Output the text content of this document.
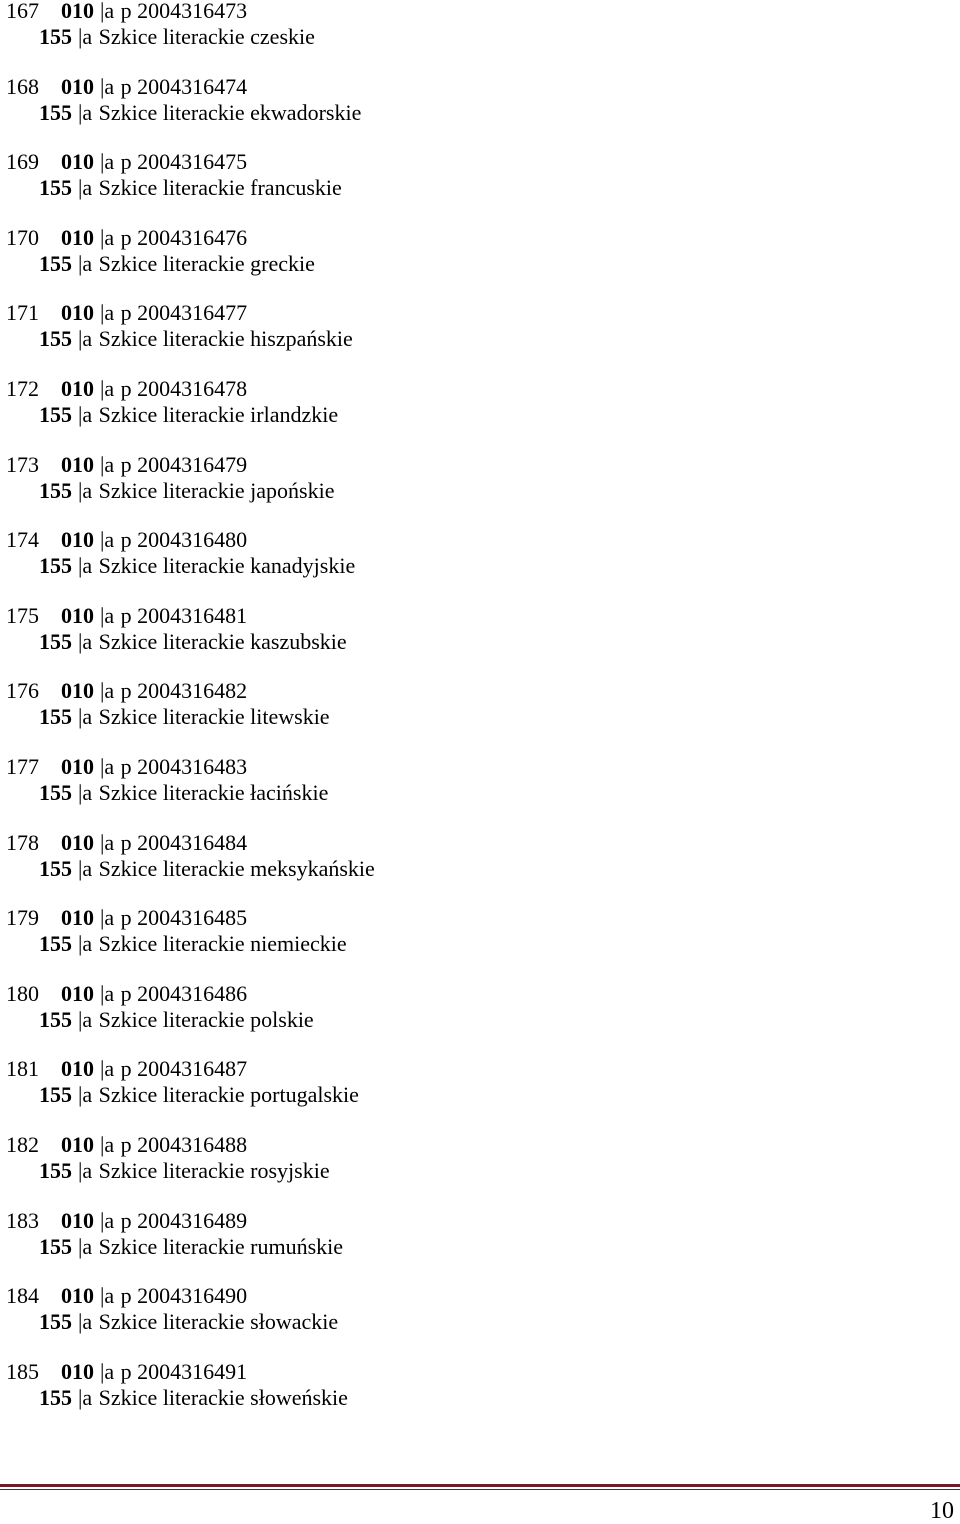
167 010 |a p 2004316473
155 |a Szkice literackie czeskie
168 010 |a p 2004316474
155 |a Szkice literackie ekwadorskie
169 010 |a p 2004316475
155 |a Szkice literackie francuskie
170 010 |a p 2004316476
155 |a Szkice literackie greckie
171 010 |a p 2004316477
155 |a Szkice literackie hiszpańskie
172 010 |a p 2004316478
155 |a Szkice literackie irlandzkie
173 010 |a p 2004316479
155 |a Szkice literackie japońskie
174 010 |a p 2004316480
155 |a Szkice literackie kanadyjskie
175 010 |a p 2004316481
155 |a Szkice literackie kaszubskie
176 010 |a p 2004316482
155 |a Szkice literackie litewskie
177 010 |a p 2004316483
155 |a Szkice literackie łacińskie
178 010 |a p 2004316484
155 |a Szkice literackie meksykańskie
179 010 |a p 2004316485
155 |a Szkice literackie niemieckie
180 010 |a p 2004316486
155 |a Szkice literackie polskie
181 010 |a p 2004316487
155 |a Szkice literackie portugalskie
182 010 |a p 2004316488
155 |a Szkice literackie rosyjskie
183 010 |a p 2004316489
155 |a Szkice literackie rumuńskie
184 010 |a p 2004316490
155 |a Szkice literackie słowackie
185 010 |a p 2004316491
155 |a Szkice literackie słoweńskie
10
